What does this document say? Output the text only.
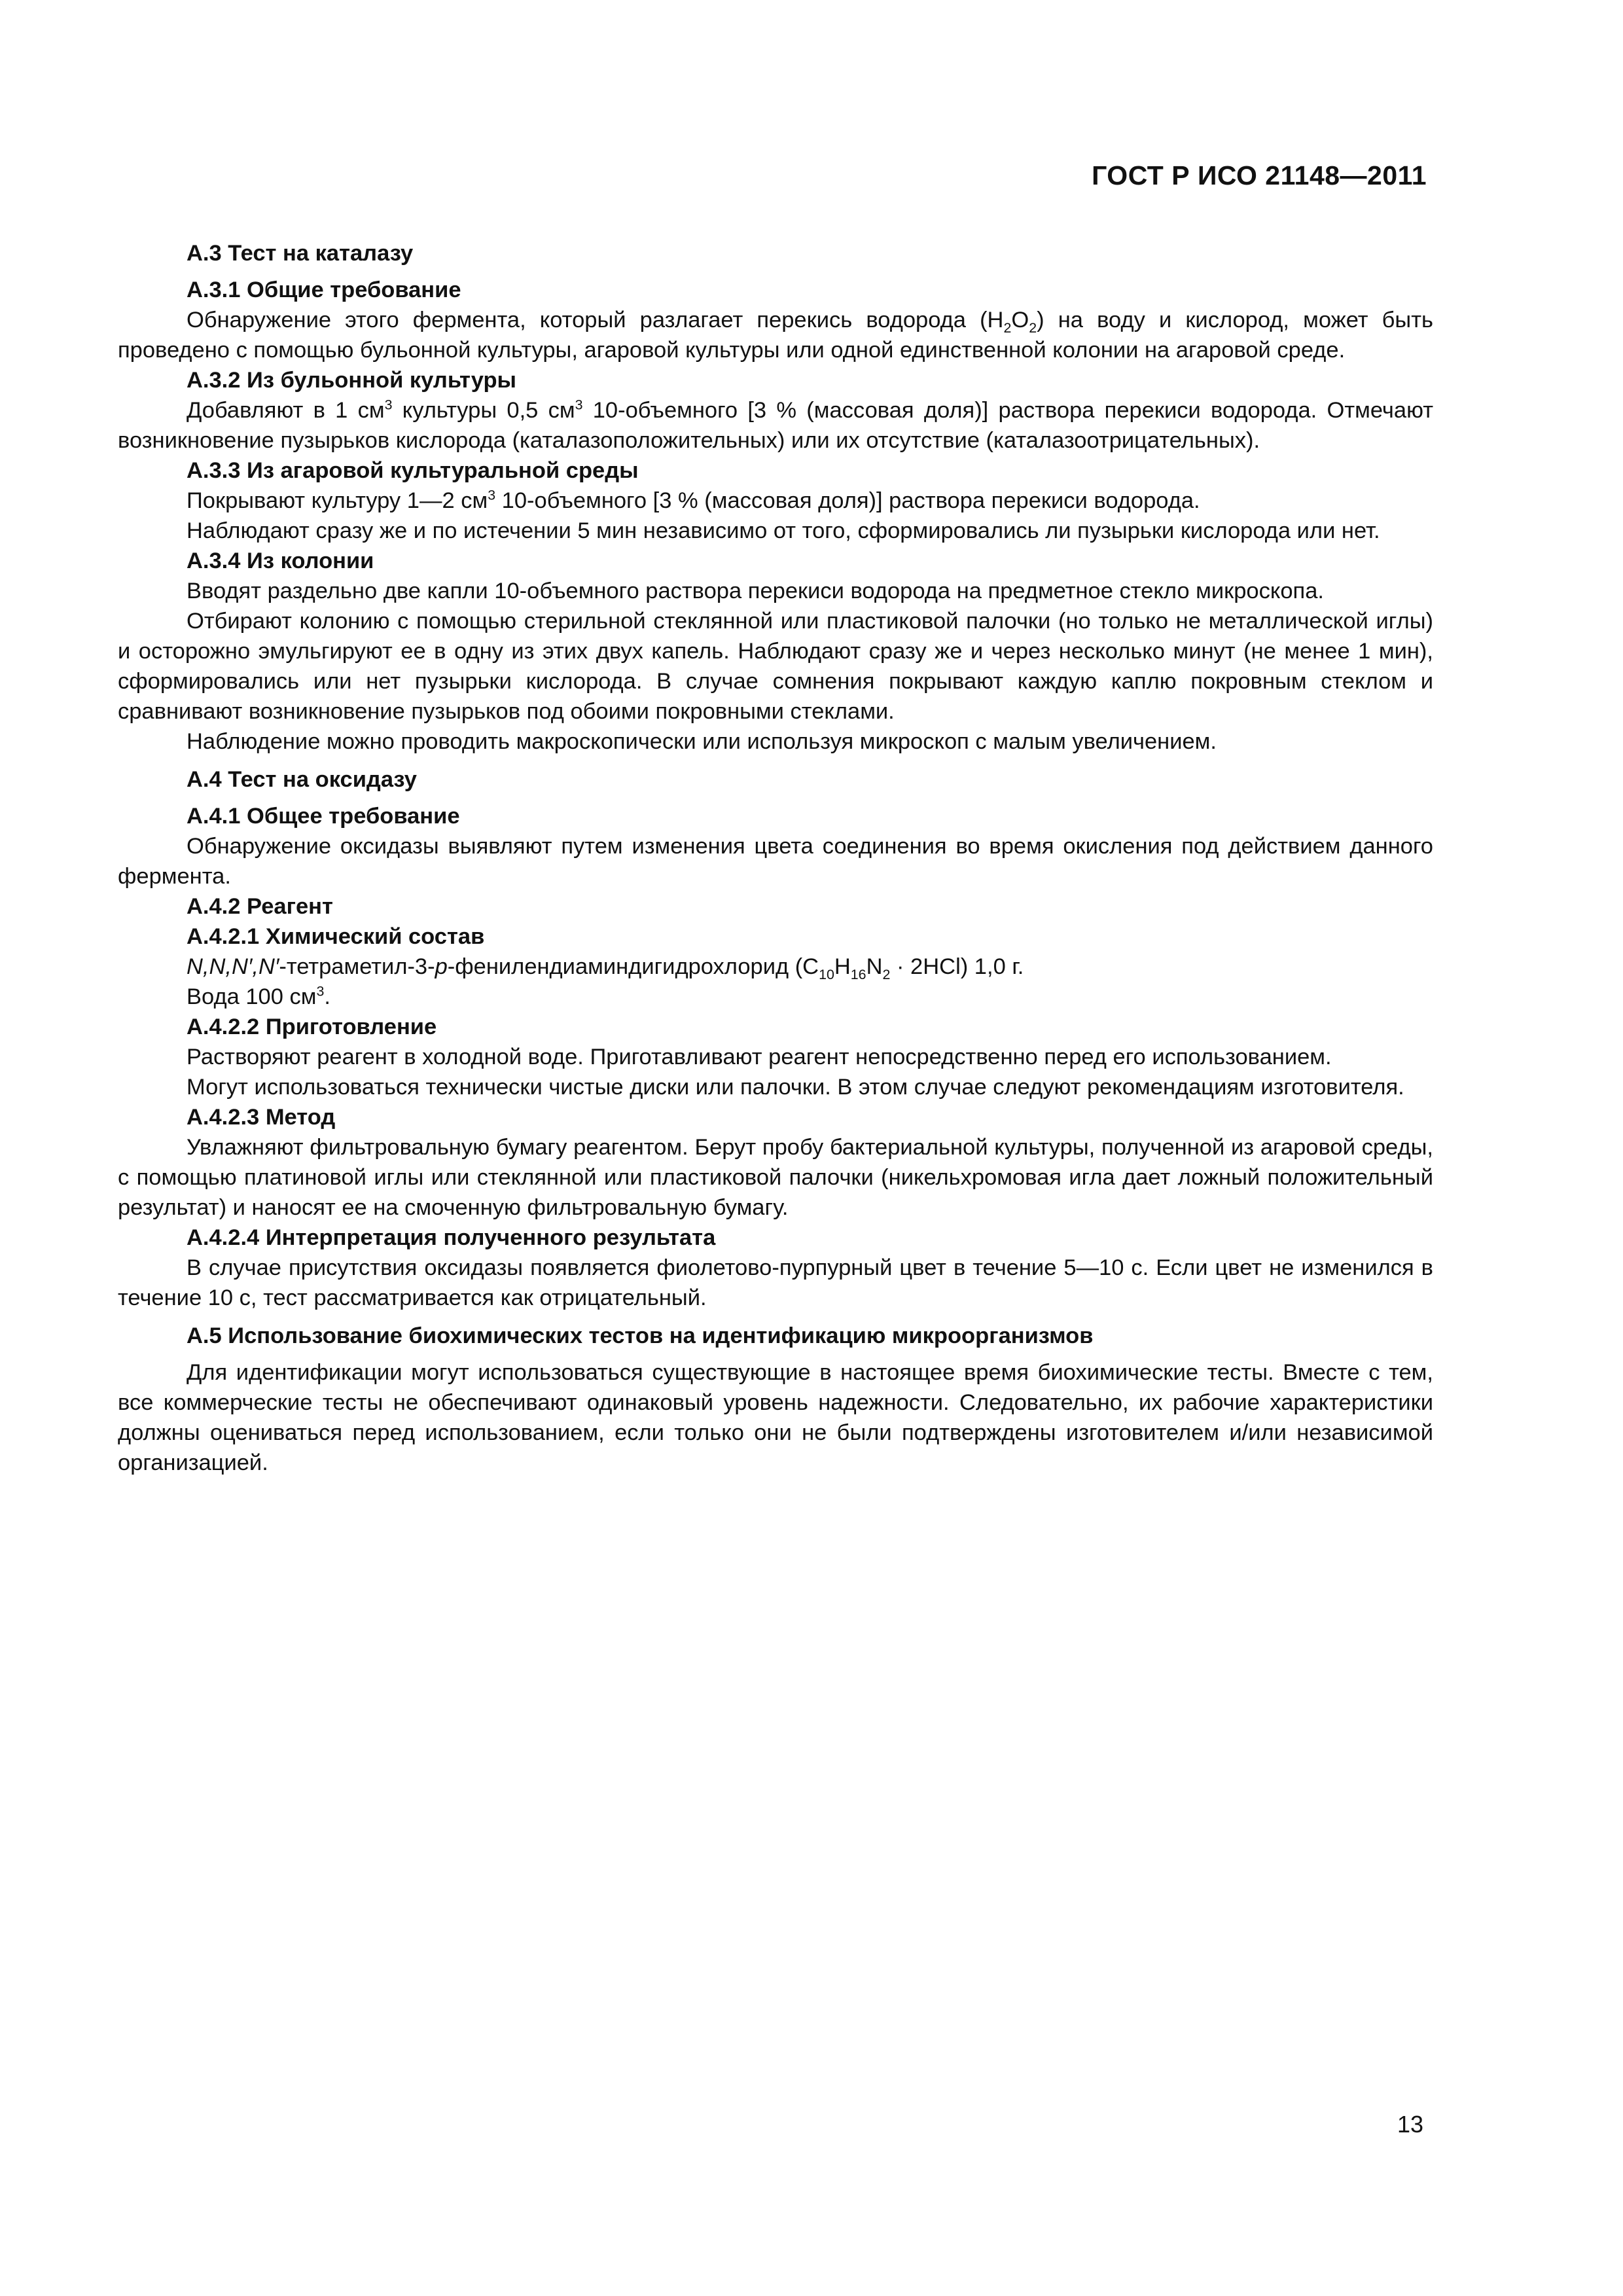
ГОСТ Р ИСО 21148—2011
А.3 Тест на каталазу
А.3.1 Общие требование

Обнаружение этого фермента, который разлагает перекись водорода $(H_2O_2)$ на воду и кислород, может быть проведено с помощью бульонной культуры, агаровой культуры или одной единственной колонии на агаровой среде.

А.3.2 Из бульонной культуры

Добавляют в 1 $см^3$ культуры 0,5 $см^3$ 10-объемного [3 % (массовая доля)] раствора перекиси водорода. Отмечают возникновение пузырьков кислорода (каталазоположительных) или их отсутствие (каталазоотрицательных).

А.3.3 Из агаровой культуральной среды

Покрывают культуру 1—2 $см^3$ 10-объемного [3 % (массовая доля)] раствора перекиси водорода.

Наблюдают сразу же и по истечении 5 мин независимо от того, сформировались ли пузырьки кислорода или нет.

А.3.4 Из колонии

Вводят раздельно две капли 10-объемного раствора перекиси водорода на предметное стекло микроскопа.

Отбирают колонию с помощью стерильной стеклянной или пластиковой палочки (но только не металлической иглы) и осторожно эмульгируют ее в одну из этих двух капель. Наблюдают сразу же и через несколько минут (не менее 1 мин), сформировались или нет пузырьки кислорода. В случае сомнения покрывают каждую каплю покровным стеклом и сравнивают возникновение пузырьков под обоими покровными стеклами.

Наблюдение можно проводить макроскопически или используя микроскоп с малым увеличением.

А.4 Тест на оксидазу
А.4.1 Общее требование

Обнаружение оксидазы выявляют путем изменения цвета соединения во время окисления под действием данного фермента.

А.4.2 Реагент
А.4.2.1 Химический состав

N,N,N′,N′-тетраметил-3-p-фенилендиаминдигидрохлорид $(C_{10}H_{16}N_2 \cdot 2HCl)$ 1,0 г.

Вода 100 $см^3$.

А.4.2.2 Приготовление

Растворяют реагент в холодной воде. Приготавливают реагент непосредственно перед его использованием.

Могут использоваться технически чистые диски или палочки. В этом случае следуют рекомендациям изготовителя.

А.4.2.3 Метод

Увлажняют фильтровальную бумагу реагентом. Берут пробу бактериальной культуры, полученной из агаровой среды, с помощью платиновой иглы или стеклянной или пластиковой палочки (никельхромовая игла дает ложный положительный результат) и наносят ее на смоченную фильтровальную бумагу.

А.4.2.4 Интерпретация полученного результата

В случае присутствия оксидазы появляется фиолетово-пурпурный цвет в течение 5—10 с. Если цвет не изменился в течение 10 с, тест рассматривается как отрицательный.

А.5 Использование биохимических тестов на идентификацию микроорганизмов

Для идентификации могут использоваться существующие в настоящее время биохимические тесты. Вместе с тем, все коммерческие тесты не обеспечивают одинаковый уровень надежности. Следовательно, их рабочие характеристики должны оцениваться перед использованием, если только они не были подтверждены изготовителем и/или независимой организацией.

13
